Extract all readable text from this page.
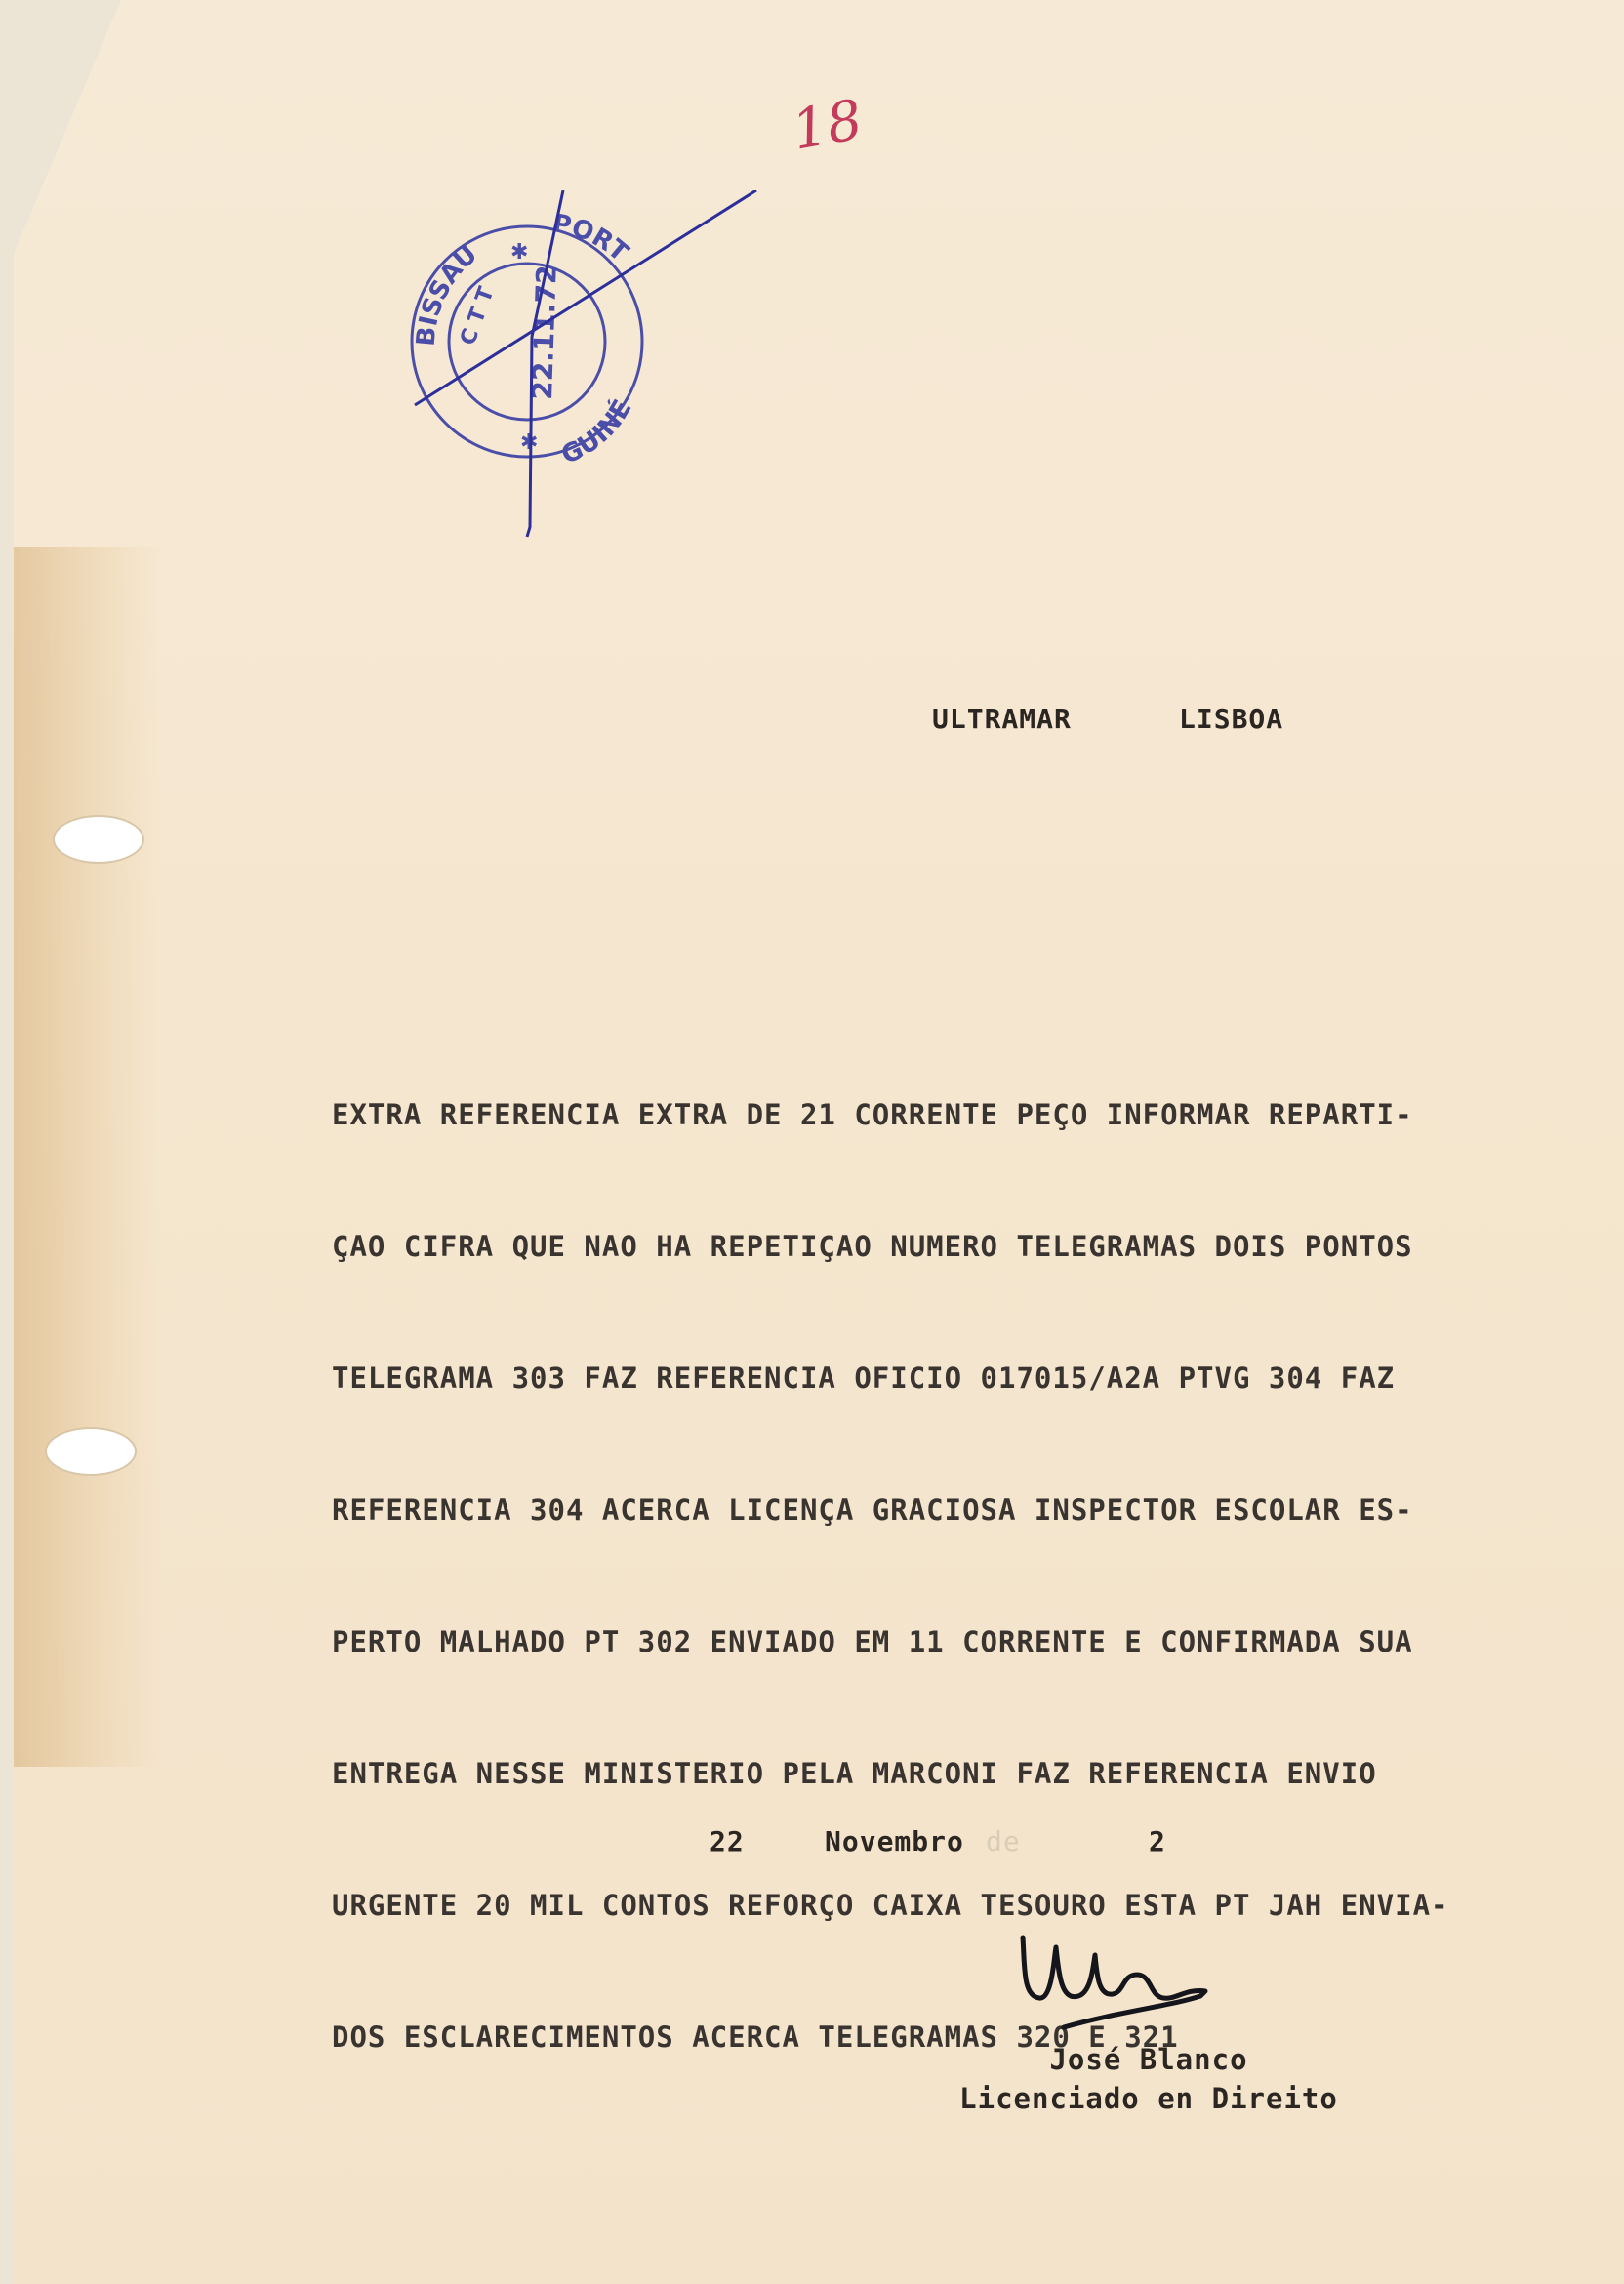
18
BISSAU
PORT
GUINÉ
C T T 22.11.72
✱
✱
ULTRAMAR	LISBOA

EXTRA REFERENCIA EXTRA DE 21 CORRENTE PEÇO INFORMAR REPARTI-

ÇAO CIFRA QUE NAO HA REPETIÇAO NUMERO TELEGRAMAS DOIS PONTOS

TELEGRAMA 303 FAZ REFERENCIA OFICIO 017015/A2A PTVG 304 FAZ

REFERENCIA 304 ACERCA LICENÇA GRACIOSA INSPECTOR ESCOLAR ES-

PERTO MALHADO PT 302 ENVIADO EM 11 CORRENTE E CONFIRMADA SUA

ENTREGA NESSE MINISTERIO PELA MARCONI FAZ REFERENCIA ENVIO

URGENTE 20 MIL CONTOS REFORÇO CAIXA TESOURO ESTA PT JAH ENVIA-

DOS ESCLARECIMENTOS ACERCA TELEGRAMAS 320 E 321

22	Novembro de	2
José Blanco
Licenciado en Direito
